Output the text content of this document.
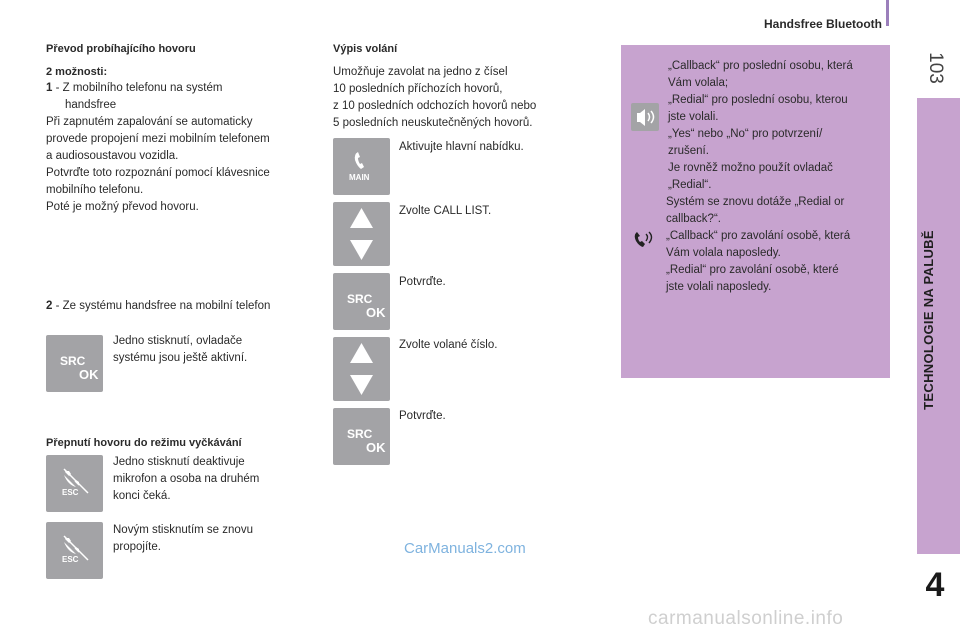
Handsfree Bluetooth
103
TECHNOLOGIE NA PALUBĚ
4
Převod probíhajícího hovoru
2 možnosti:
1 - Z mobilního telefonu na systém
handsfree
Při zapnutém zapalování se automaticky
provede propojení mezi mobilním telefonem
a audiosoustavou vozidla.
Potvrďte toto rozpoznání pomocí klávesnice
mobilního telefonu.
Poté je možný převod hovoru.
2 - Ze systému handsfree na mobilní telefon
SRC
OK
Jedno stisknutí, ovladače
systému jsou ještě aktivní.
Přepnutí hovoru do režimu vyčkávání
ESC
Jedno stisknutí deaktivuje
mikrofon a osoba na druhém
konci čeká.
ESC
Novým stisknutím se znovu
propojíte.
Výpis volání
Umožňuje zavolat na jedno z čísel
10 posledních příchozích hovorů,
z 10 posledních odchozích hovorů nebo
5 posledních neuskutečněných hovorů.
MAIN
Aktivujte hlavní nabídku.
Zvolte CALL LIST.
SRC
OK
Potvrďte.
Zvolte volané číslo.
SRC
OK
Potvrďte.
„Callback“ pro poslední osobu, která
Vám volala;
„Redial“ pro poslední osobu, kterou
jste volali.
„Yes“ nebo „No“ pro potvrzení/
zrušení.
Je rovněž možno použít ovladač
„Redial“.
Systém se znovu dotáže „Redial or
callback?“.
„Callback“ pro zavolání osobě, která
Vám volala naposledy.
„Redial“ pro zavolání osobě, které
jste volali naposledy.
CarManuals2.com
carmanualsonline.info
